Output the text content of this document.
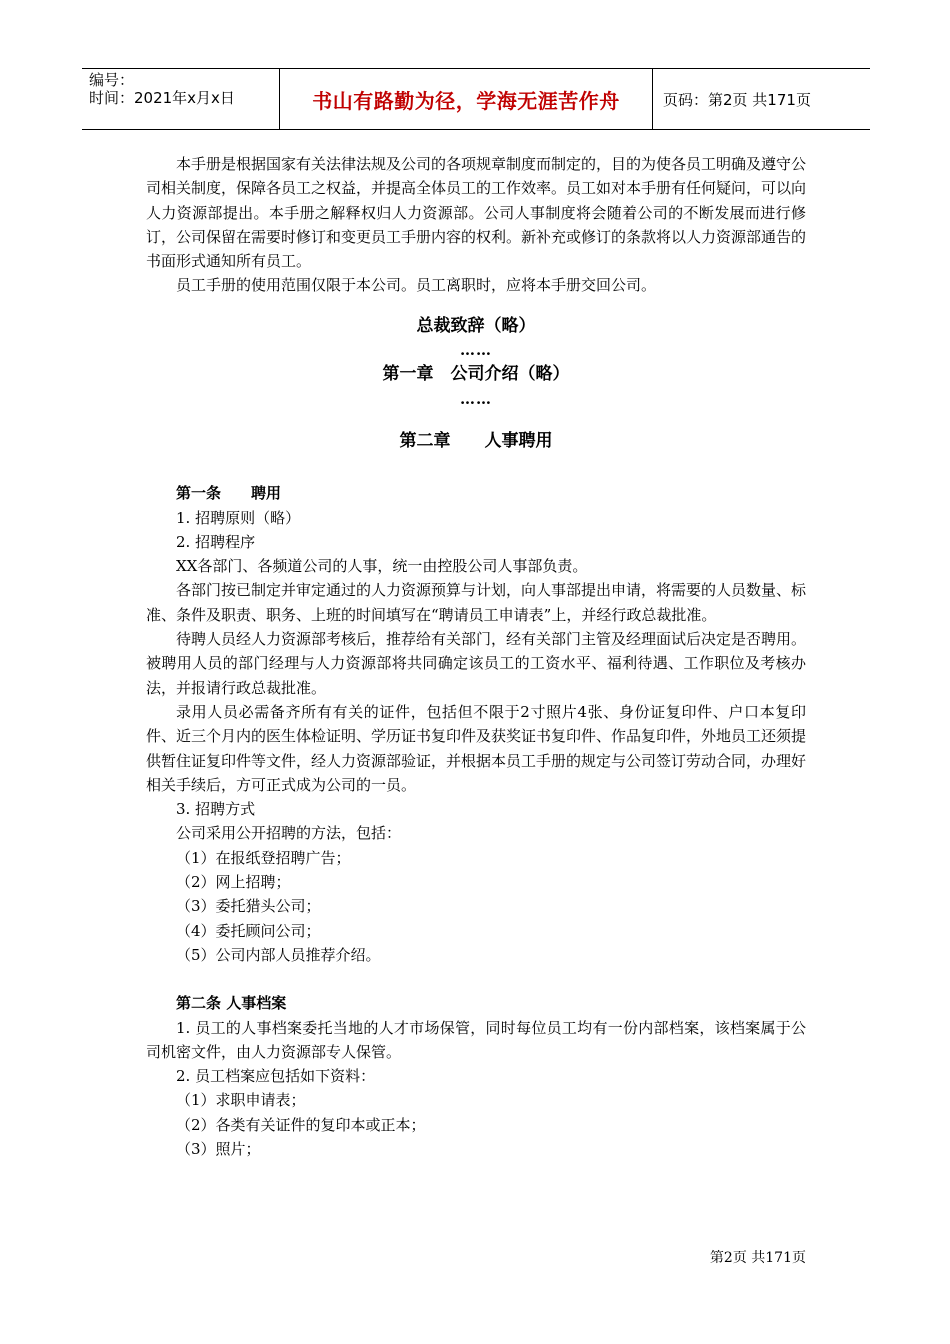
编号：
时间：2021年x月x日	书山有路勤为径，学海无涯苦作舟	页码：第2页 共171页

本手册是根据国家有关法律法规及公司的各项规章制度而制定的，目的为使各员工明确及遵守公司相关制度，保障各员工之权益，并提高全体员工的工作效率。员工如对本手册有任何疑问，可以向人力资源部提出。本手册之解释权归人力资源部。公司人事制度将会随着公司的不断发展而进行修订，公司保留在需要时修订和变更员工手册内容的权利。新补充或修订的条款将以人力资源部通告的书面形式通知所有员工。

员工手册的使用范围仅限于本公司。员工离职时，应将本手册交回公司。

总裁致辞（略）

……

第一章　公司介绍（略）

……

第二章　　人事聘用

第一条　　聘用

1. 招聘原则（略）

2. 招聘程序

XX各部门、各频道公司的人事，统一由控股公司人事部负责。

各部门按已制定并审定通过的人力资源预算与计划，向人事部提出申请，将需要的人员数量、标准、条件及职责、职务、上班的时间填写在“聘请员工申请表”上，并经行政总裁批准。

待聘人员经人力资源部考核后，推荐给有关部门，经有关部门主管及经理面试后决定是否聘用。被聘用人员的部门经理与人力资源部将共同确定该员工的工资水平、福利待遇、工作职位及考核办法，并报请行政总裁批准。

录用人员必需备齐所有有关的证件，包括但不限于2寸照片4张、身份证复印件、户口本复印件、近三个月内的医生体检证明、学历证书复印件及获奖证书复印件、作品复印件，外地员工还须提供暂住证复印件等文件，经人力资源部验证，并根据本员工手册的规定与公司签订劳动合同，办理好相关手续后，方可正式成为公司的一员。

3. 招聘方式

公司采用公开招聘的方法，包括：

（1）在报纸登招聘广告；

（2）网上招聘；

（3）委托猎头公司；

（4）委托顾问公司；

（5）公司内部人员推荐介绍。

第二条 人事档案

1. 员工的人事档案委托当地的人才市场保管，同时每位员工均有一份内部档案，该档案属于公司机密文件，由人力资源部专人保管。

2. 员工档案应包括如下资料：

（1）求职申请表；

（2）各类有关证件的复印本或正本；

（3）照片；

第2页 共171页
